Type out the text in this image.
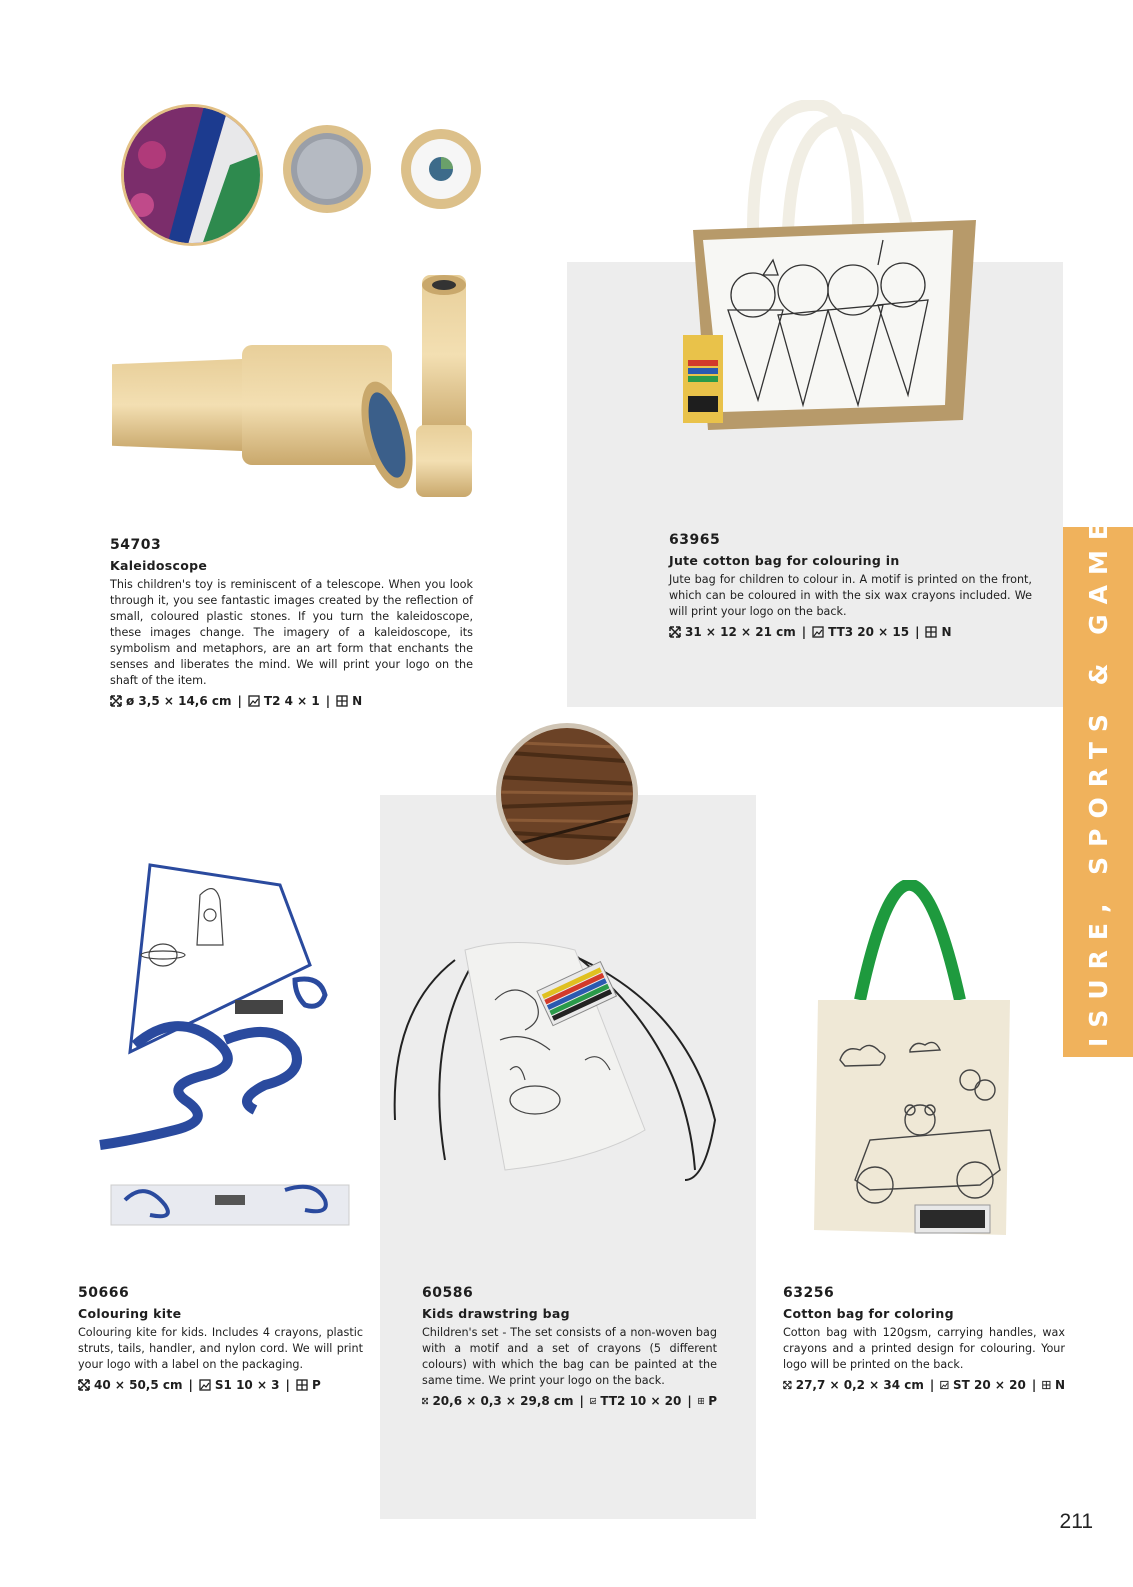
LEISURE, SPORTS & GAMES
54703
Kaleidoscope

This children's toy is reminiscent of a telescope. When you look through it, you see fantastic images created by the reflection of small, coloured plastic stones. If you turn the kaleidoscope, these images change. The imagery of a kaleidoscope, its symbolism and metaphors, are an art form that enchants the senses and liberates the mind. We will print your logo on the shaft of the item.

ø 3,5 × 14,6 cm | T2 4 × 1 | N
63965
Jute cotton bag for colouring in

Jute bag for children to colour in. A motif is printed on the front, which can be coloured in with the six wax crayons included. We will print your logo on the back.

31 × 12 × 21 cm | TT3 20 × 15 | N
50666
Colouring kite

Colouring kite for kids. Includes 4 crayons, plastic struts, tails, handler, and nylon cord. We will print your logo with a label on the packaging.

40 × 50,5 cm | S1 10 × 3 | P
60586
Kids drawstring bag

Children's set - The set consists of a non-woven bag with a motif and a set of crayons (5 different colours) with which the bag can be painted at the same time. We print your logo on the back.

20,6 × 0,3 × 29,8 cm | TT2 10 × 20 | P
63256
Cotton bag for coloring

Cotton bag with 120gsm, carrying handles, wax crayons and a printed design for colouring. Your logo will be printed on the back.

27,7 × 0,2 × 34 cm | ST 20 × 20 | N
211
